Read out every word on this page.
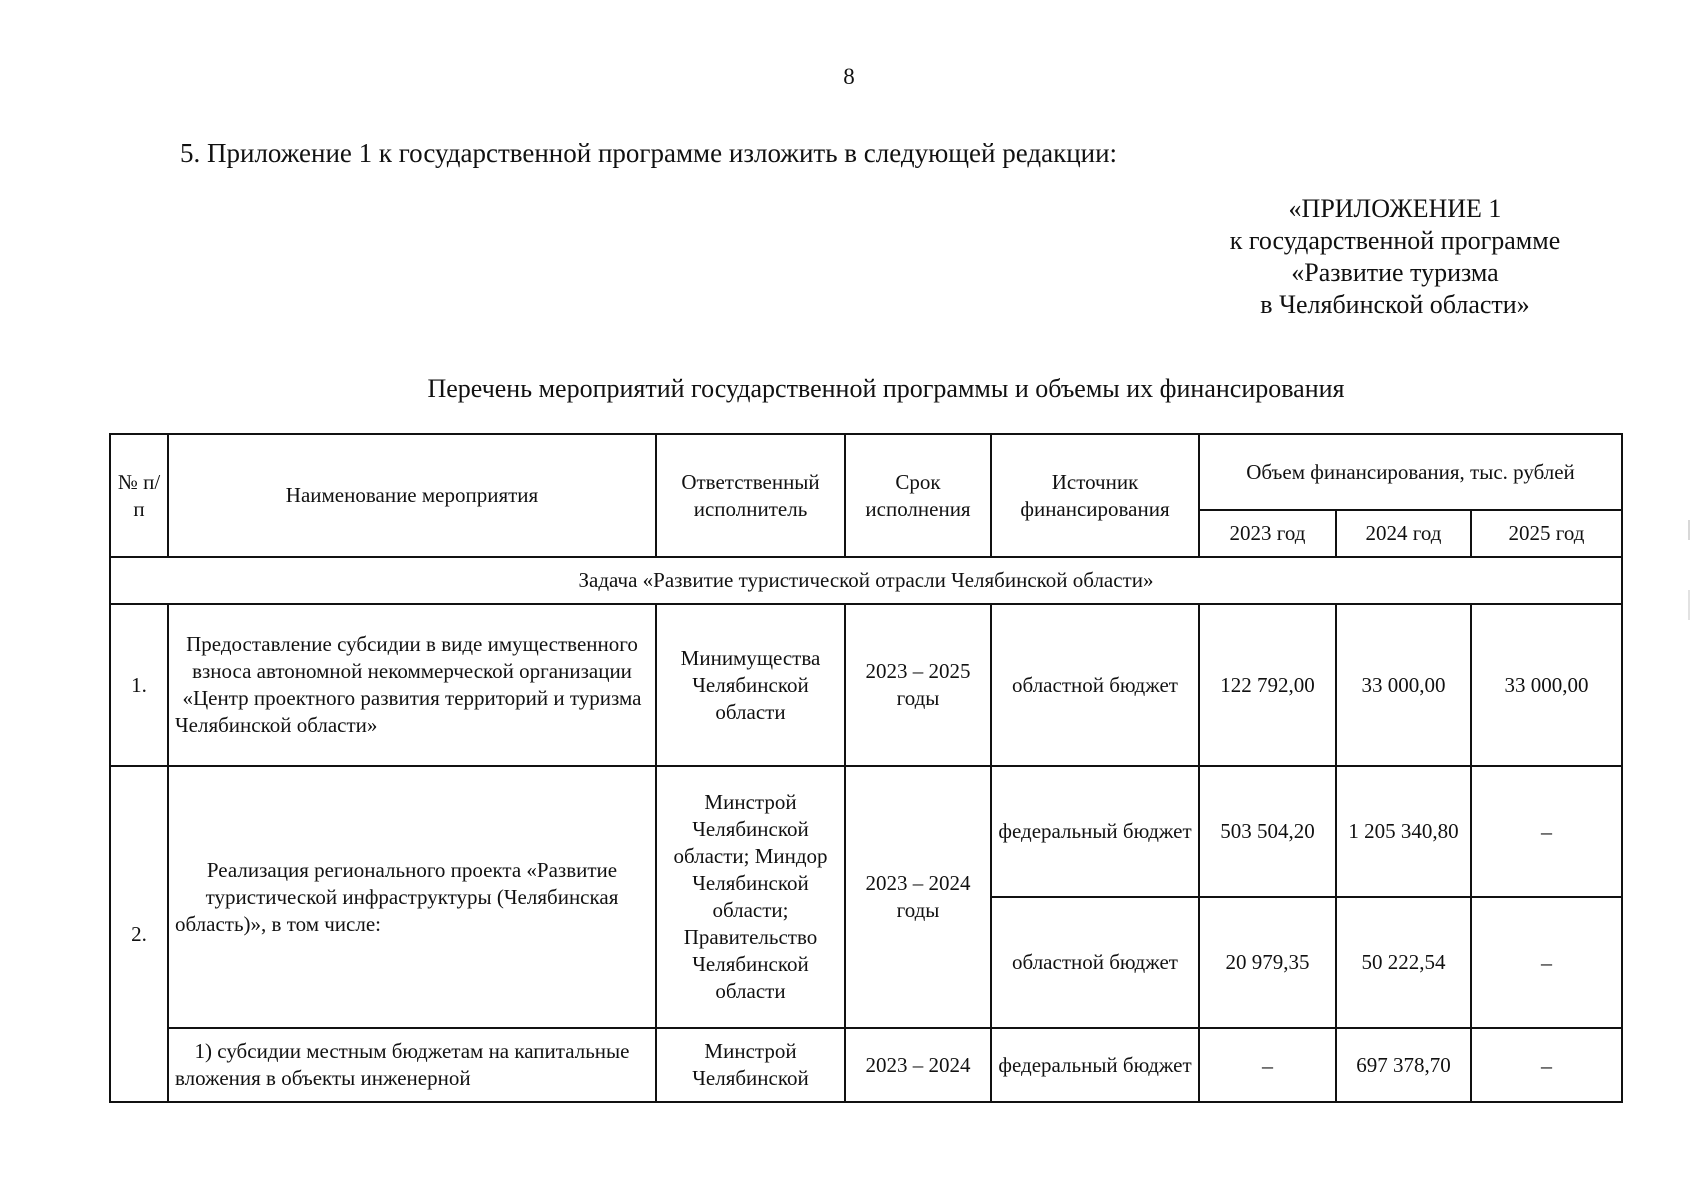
8
5. Приложение 1 к государственной программе изложить в следующей редакции:
«ПРИЛОЖЕНИЕ 1
к государственной программе
«Развитие туризма
в Челябинской области»
Перечень мероприятий государственной программы и объемы их финансирования
№ п/п	Наименование мероприятия	Ответственный исполнитель	Срок исполнения	Источник финансирования	Объем финансирования, тыс. рублей		
					2023 год	2024 год	2025 год
Задача «Развитие туристической отрасли Челябинской области»							
1.	Предоставление субсидии в виде имущественного взноса автономной некоммерческой организации «Центр проектного развития территорий и туризма Челябинской области»	Минимущества Челябинской области	2023 – 2025 годы	областной бюджет	122 792,00	33 000,00	33 000,00
2.	Реализация регионального проекта «Развитие туристической инфраструктуры (Челябинская область)», в том числе:	Минстрой Челябинской области; Миндор Челябинской области; Правительство Челябинской области	2023 – 2024 годы	федеральный бюджет	503 504,20	1 205 340,80	–
				областной бюджет	20 979,35	50 222,54	–
	1) субсидии местным бюджетам на капитальные вложения в объекты инженерной	Минстрой Челябинской	2023 – 2024	федеральный бюджет	–	697 378,70	–
